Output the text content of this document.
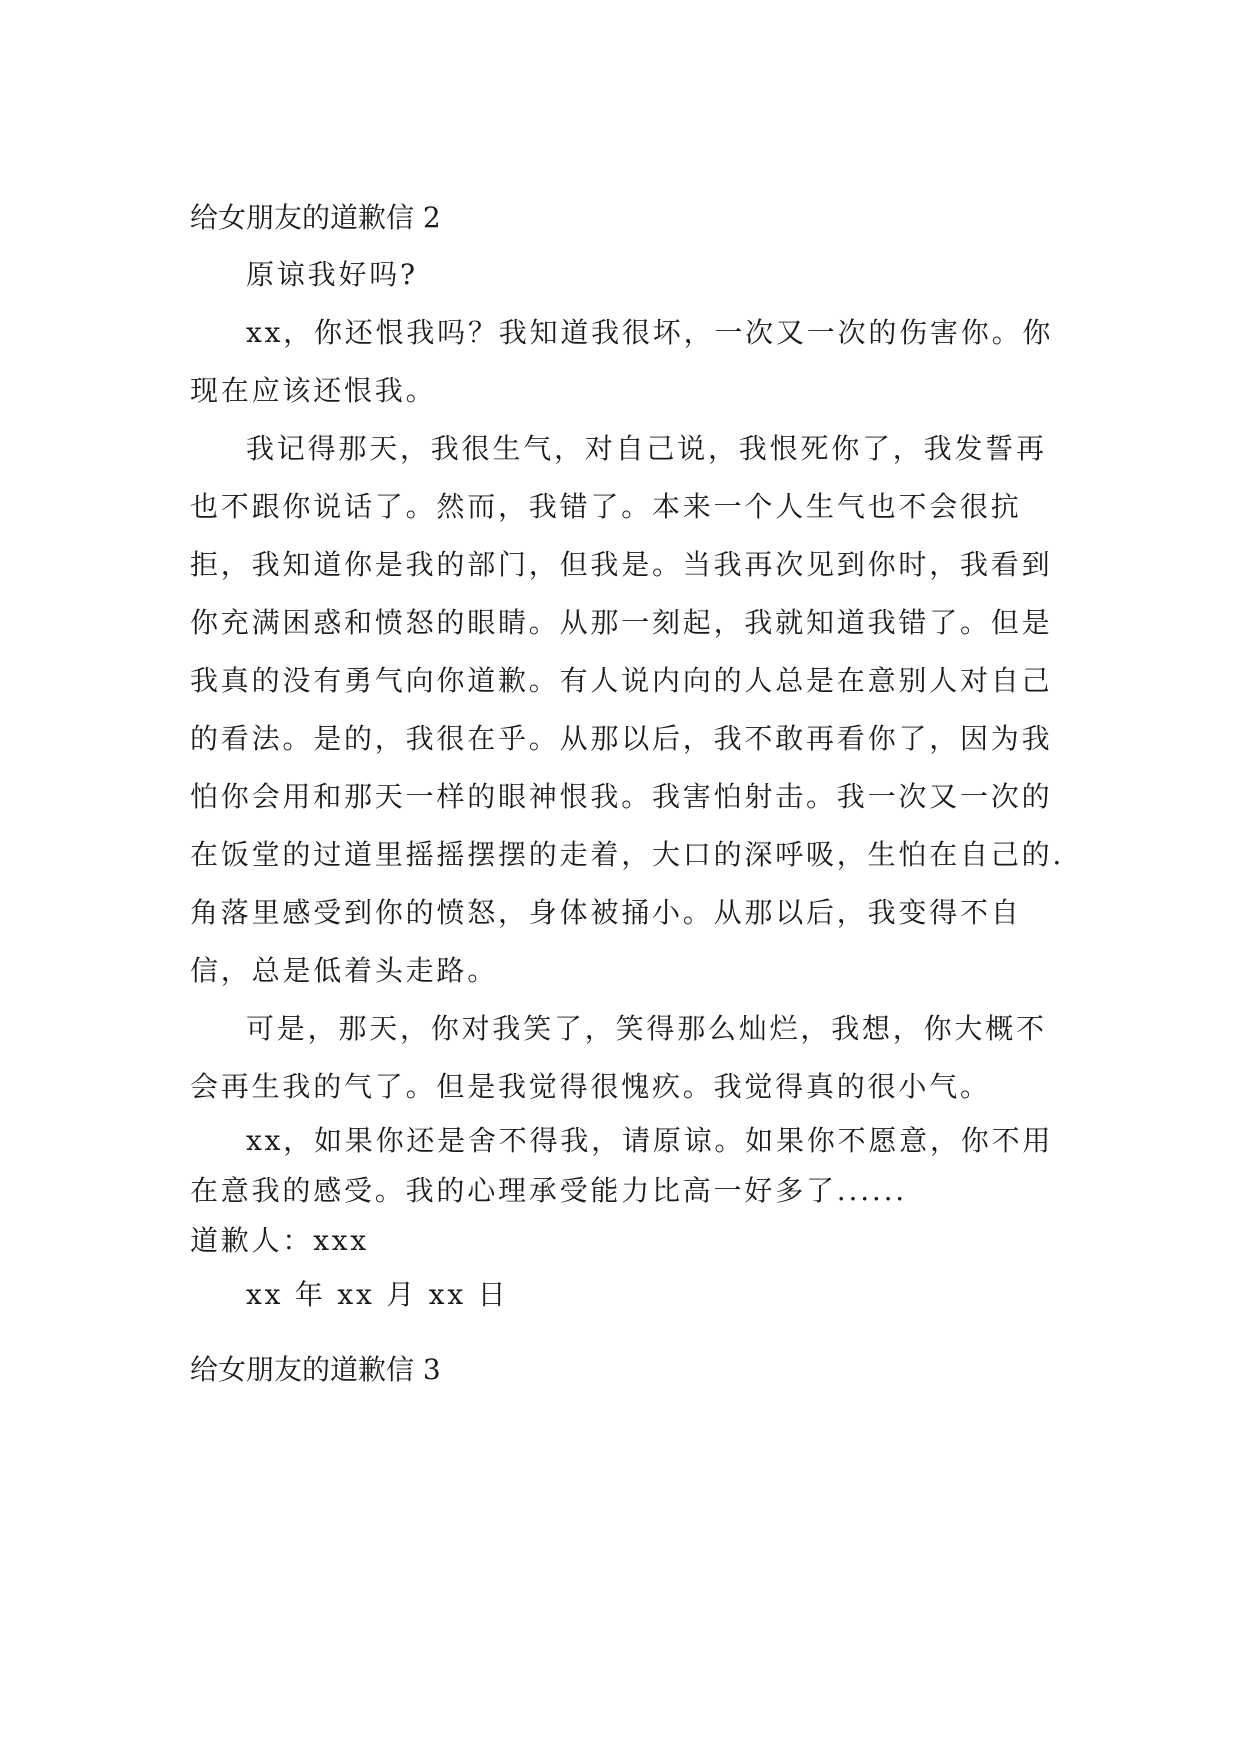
给女朋友的道歉信 2

原谅我好吗?

xx，你还恨我吗？我知道我很坏，一次又一次的伤害你。你现在应该还恨我。

我记得那天，我很生气，对自己说，我恨死你了，我发誓再也不跟你说话了。然而，我错了。本来一个人生气也不会很抗拒，我知道你是我的部门，但我是。当我再次见到你时，我看到你充满困惑和愤怒的眼睛。从那一刻起，我就知道我错了。但是我真的没有勇气向你道歉。有人说内向的人总是在意别人对自己的看法。是的，我很在乎。从那以后，我不敢再看你了，因为我怕你会用和那天一样的眼神恨我。我害怕射击。我一次又一次的在饭堂的过道里摇摇摆摆的走着，大口的深呼吸，生怕在自己的.角落里感受到你的愤怒，身体被捅小。从那以后，我变得不自信，总是低着头走路。

可是，那天，你对我笑了，笑得那么灿烂，我想，你大概不会再生我的气了。但是我觉得很愧疚。我觉得真的很小气。

xx，如果你还是舍不得我，请原谅。如果你不愿意，你不用在意我的感受。我的心理承受能力比高一好多了......

道歉人：xxx

xx 年 xx 月 xx 日

给女朋友的道歉信 3
